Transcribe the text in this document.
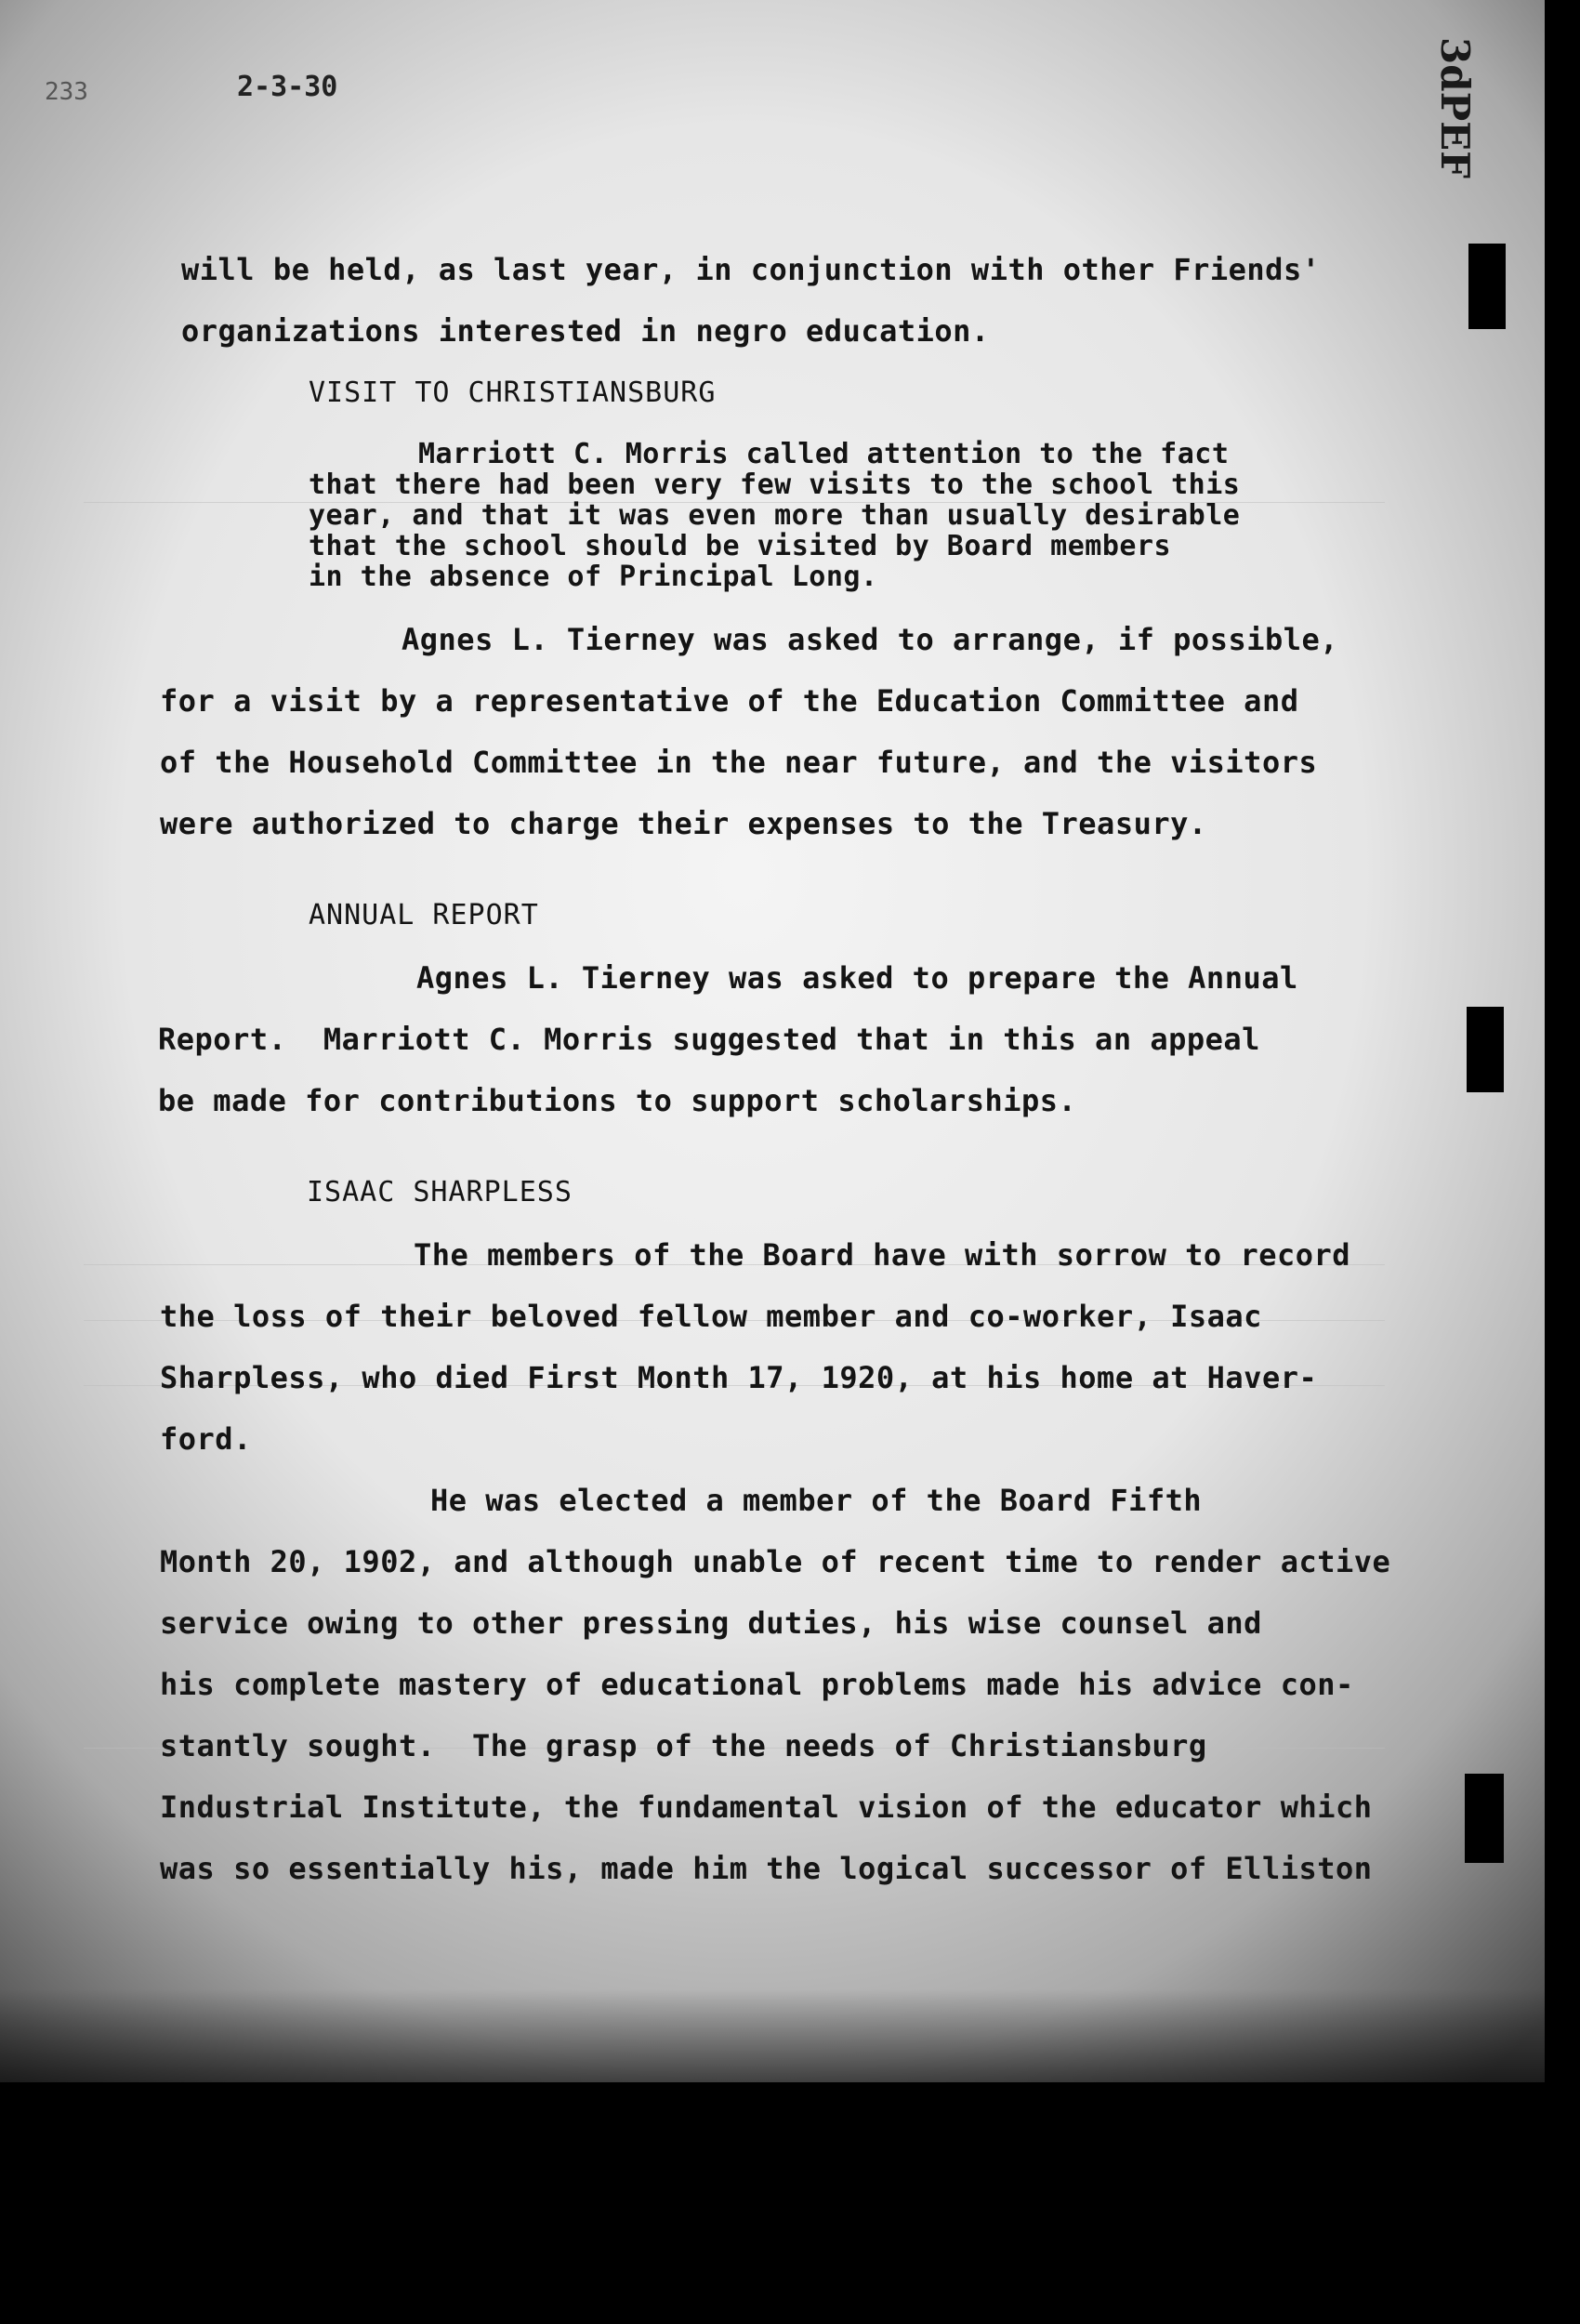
233	2-3-30	3dPEF
will be held, as last year, in conjunction with other Friends'
organizations interested in negro education.
VISIT TO CHRISTIANSBURG
Marriott C. Morris called attention to the fact
that there had been very few visits to the school this
year, and that it was even more than usually desirable
that the school should be visited by Board members
in the absence of Principal Long.
Agnes L. Tierney was asked to arrange, if possible,
for a visit by a representative of the Education Committee and
of the Household Committee in the near future, and the visitors
were authorized to charge their expenses to the Treasury.
ANNUAL REPORT
Agnes L. Tierney was asked to prepare the Annual
Report.  Marriott C. Morris suggested that in this an appeal
be made for contributions to support scholarships.
ISAAC SHARPLESS
The members of the Board have with sorrow to record
the loss of their beloved fellow member and co-worker, Isaac
Sharpless, who died First Month 17, 1920, at his home at Haver-
ford.
He was elected a member of the Board Fifth
Month 20, 1902, and although unable of recent time to render active
service owing to other pressing duties, his wise counsel and
his complete mastery of educational problems made his advice con-
stantly sought.  The grasp of the needs of Christiansburg
Industrial Institute, the fundamental vision of the educator which
was so essentially his, made him the logical successor of Elliston
